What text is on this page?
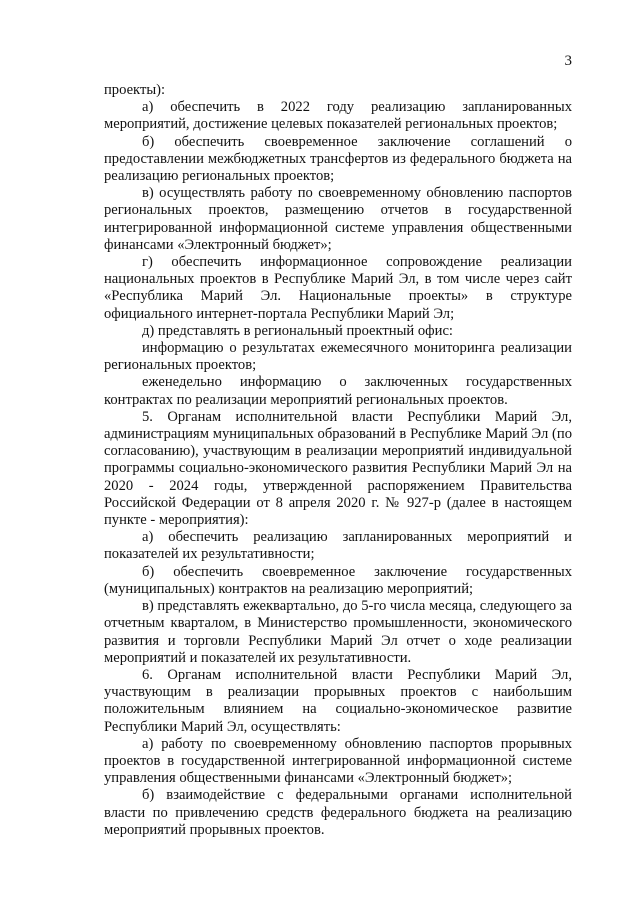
3

проекты):

а) обеспечить в 2022 году реализацию запланированных мероприятий, достижение целевых показателей региональных проектов;

б) обеспечить своевременное заключение соглашений о предоставлении межбюджетных трансфертов из федерального бюджета на реализацию региональных проектов;

в) осуществлять работу по своевременному обновлению паспортов региональных проектов, размещению отчетов в государственной интегрированной информационной системе управления общественными финансами «Электронный бюджет»;

г) обеспечить информационное сопровождение реализации национальных проектов в Республике Марий Эл, в том числе через сайт «Республика Марий Эл. Национальные проекты» в структуре официального интернет-портала Республики Марий Эл;

д) представлять в региональный проектный офис:

информацию о результатах ежемесячного мониторинга реализации региональных проектов;

еженедельно информацию о заключенных государственных контрактах по реализации мероприятий региональных проектов.

5. Органам исполнительной власти Республики Марий Эл, администрациям муниципальных образований в Республике Марий Эл (по согласованию), участвующим в реализации мероприятий индивидуальной программы социально-экономического развития Республики Марий Эл на 2020 - 2024 годы, утвержденной распоряжением Правительства Российской Федерации от 8 апреля 2020 г. № 927-р (далее в настоящем пункте - мероприятия):

а) обеспечить реализацию запланированных мероприятий и показателей их результативности;

б) обеспечить своевременное заключение государственных (муниципальных) контрактов на реализацию мероприятий;

в) представлять ежеквартально, до 5-го числа месяца, следующего за отчетным кварталом, в Министерство промышленности, экономического развития и торговли Республики Марий Эл отчет о ходе реализации мероприятий и показателей их результативности.

6. Органам исполнительной власти Республики Марий Эл, участвующим в реализации прорывных проектов с наибольшим положительным влиянием на социально-экономическое развитие Республики Марий Эл, осуществлять:

а) работу по своевременному обновлению паспортов прорывных проектов в государственной интегрированной информационной системе управления общественными финансами «Электронный бюджет»;

б) взаимодействие с федеральными органами исполнительной власти по привлечению средств федерального бюджета на реализацию мероприятий прорывных проектов.
